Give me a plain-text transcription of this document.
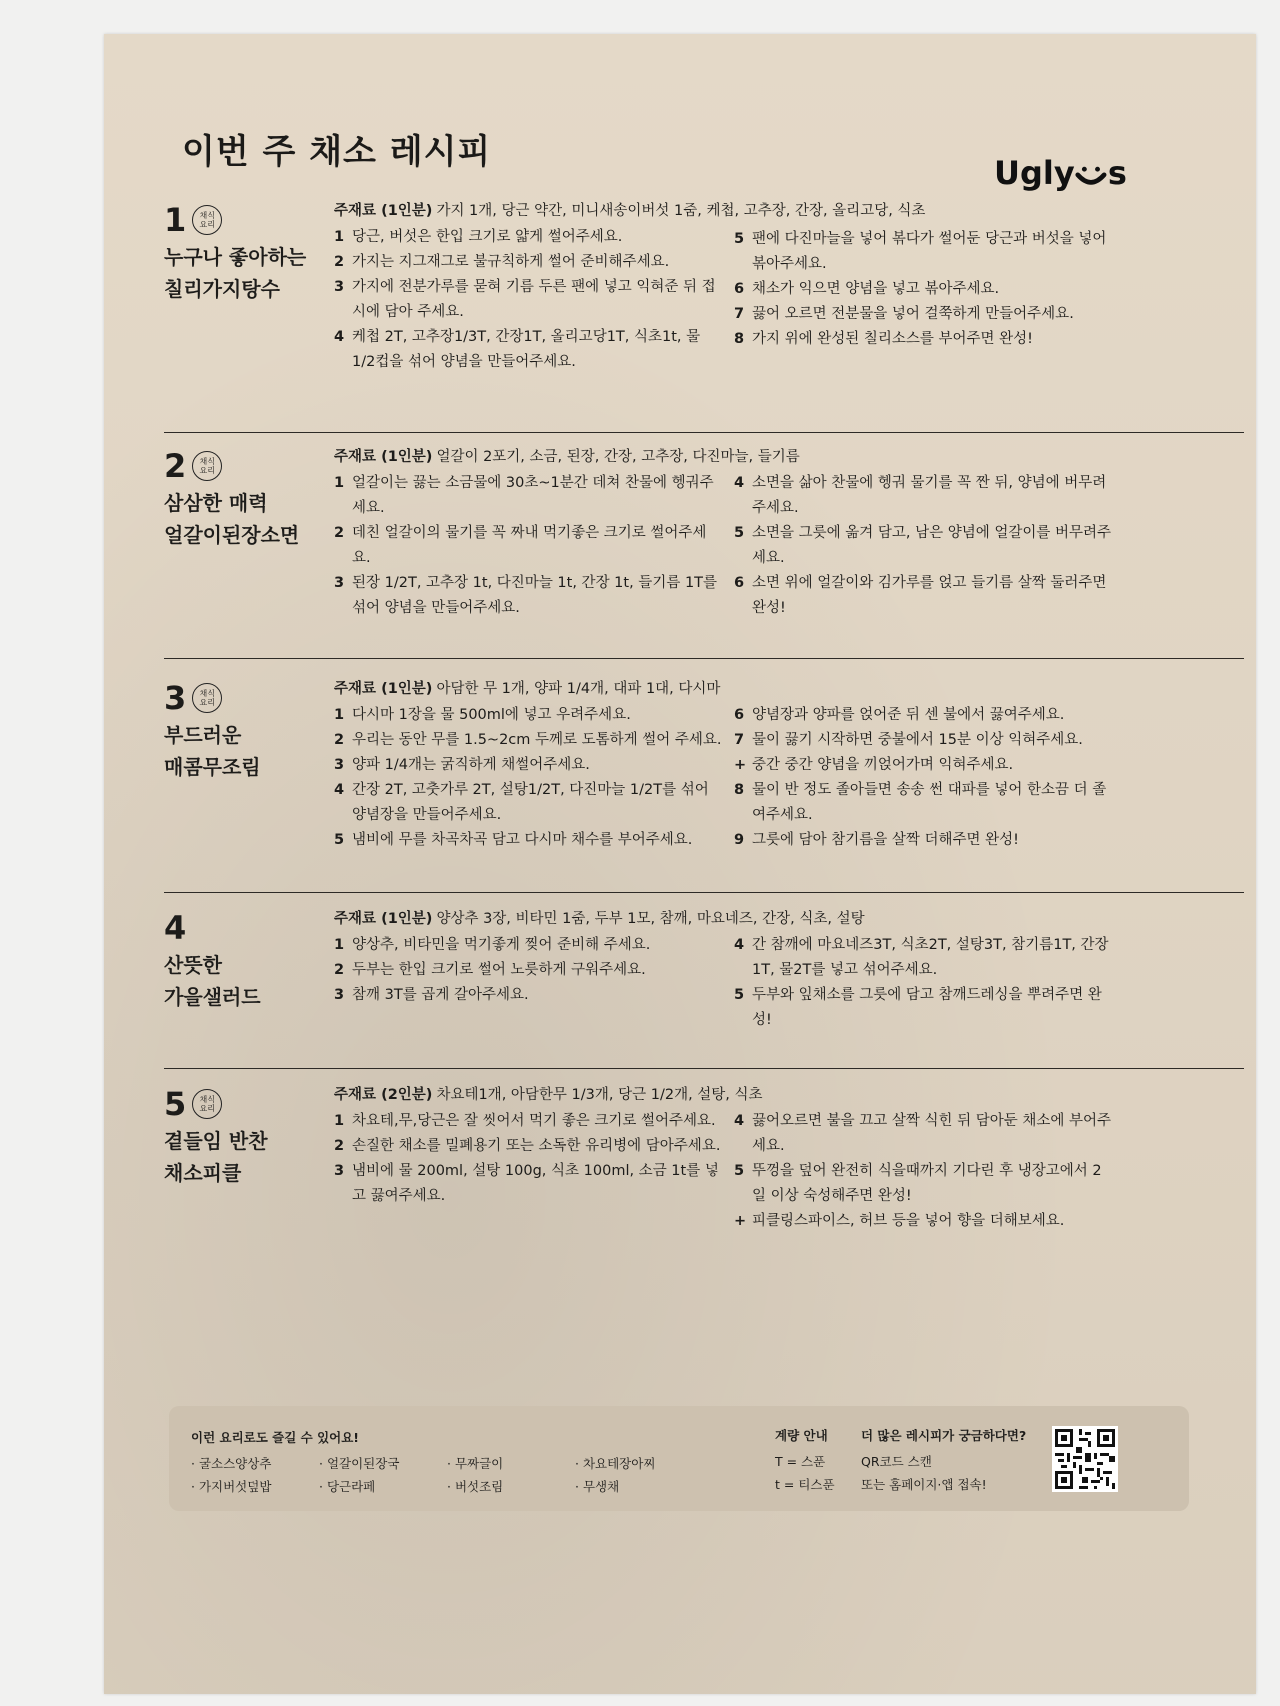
이번 주 채소 레시피
Ugly s
1	채식
요리
누구나 좋아하는
칠리가지탕수
주재료 (1인분) 가지 1개, 당근 약간, 미니새송이버섯 1줌, 케첩, 고추장, 간장, 올리고당, 식초
1 당근, 버섯은 한입 크기로 얇게 썰어주세요.
2 가지는 지그재그로 불규칙하게 썰어 준비해주세요.
3 가지에 전분가루를 묻혀 기름 두른 팬에 넣고 익혀준 뒤 접시에 담아 주세요.
4 케첩 2T, 고추장1/3T, 간장1T, 올리고당1T, 식초1t, 물 1/2컵을 섞어 양념을 만들어주세요.
5 팬에 다진마늘을 넣어 볶다가 썰어둔 당근과 버섯을 넣어 볶아주세요.
6 채소가 익으면 양념을 넣고 볶아주세요.
7 끓어 오르면 전분물을 넣어 걸쭉하게 만들어주세요.
8 가지 위에 완성된 칠리소스를 부어주면 완성!
2	채식
요리
삼삼한 매력
얼갈이된장소면
주재료 (1인분) 얼갈이 2포기, 소금, 된장, 간장, 고추장, 다진마늘, 들기름
1 얼갈이는 끓는 소금물에 30초~1분간 데쳐 찬물에 헹궈주세요.
2 데친 얼갈이의 물기를 꼭 짜내 먹기좋은 크기로 썰어주세요.
3 된장 1/2T, 고추장 1t, 다진마늘 1t, 간장 1t, 들기름 1T를 섞어 양념을 만들어주세요.
4 소면을 삶아 찬물에 헹궈 물기를 꼭 짠 뒤, 양념에 버무려주세요.
5 소면을 그릇에 옮겨 담고, 남은 양념에 얼갈이를 버무려주세요.
6 소면 위에 얼갈이와 김가루를 얹고 들기름 살짝 둘러주면 완성!
3	채식
요리
부드러운
매콤무조림
주재료 (1인분) 아담한 무 1개, 양파 1/4개, 대파 1대, 다시마
1 다시마 1장을 물 500ml에 넣고 우려주세요.
2 우리는 동안 무를 1.5~2cm 두께로 도톰하게 썰어 주세요.
3 양파 1/4개는 굵직하게 채썰어주세요.
4 간장 2T, 고춧가루 2T, 설탕1/2T, 다진마늘 1/2T를 섞어 양념장을 만들어주세요.
5 냄비에 무를 차곡차곡 담고 다시마 채수를 부어주세요.
6 양념장과 양파를 얹어준 뒤 센 불에서 끓여주세요.
7 물이 끓기 시작하면 중불에서 15분 이상 익혀주세요.
+ 중간 중간 양념을 끼얹어가며 익혀주세요.
8 물이 반 정도 졸아들면 송송 썬 대파를 넣어 한소끔 더 졸여주세요.
9 그릇에 담아 참기름을 살짝 더해주면 완성!
4
산뜻한
가을샐러드
주재료 (1인분) 양상추 3장, 비타민 1줌, 두부 1모, 참깨, 마요네즈, 간장, 식초, 설탕
1 양상추, 비타민을 먹기좋게 찢어 준비해 주세요.
2 두부는 한입 크기로 썰어 노릇하게 구워주세요.
3 참깨 3T를 곱게 갈아주세요.
4 간 참깨에 마요네즈3T, 식초2T, 설탕3T, 참기름1T, 간장1T, 물2T를 넣고 섞어주세요.
5 두부와 잎채소를 그릇에 담고 참깨드레싱을 뿌려주면 완성!
5	채식
요리
곁들임 반찬
채소피클
주재료 (2인분) 차요테1개, 아담한무 1/3개, 당근 1/2개, 설탕, 식초
1 차요테,무,당근은 잘 씻어서 먹기 좋은 크기로 썰어주세요.
2 손질한 채소를 밀폐용기 또는 소독한 유리병에 담아주세요.
3 냄비에 물 200ml, 설탕 100g, 식초 100ml, 소금 1t를 넣고 끓여주세요.
4 끓어오르면 불을 끄고 살짝 식힌 뒤 담아둔 채소에 부어주세요.
5 뚜껑을 덮어 완전히 식을때까지 기다린 후 냉장고에서 2일 이상 숙성해주면 완성!
+ 피클링스파이스, 허브 등을 넣어 향을 더해보세요.
이런 요리로도 즐길 수 있어요!
· 굴소스양상추	· 얼갈이된장국	· 무짜글이	· 차요테장아찌
· 가지버섯덮밥	· 당근라페	· 버섯조림	· 무생채
계량 안내
T = 스푼
t = 티스푼
더 많은 레시피가 궁금하다면?
QR코드 스캔
또는 홈페이지·앱 접속!
